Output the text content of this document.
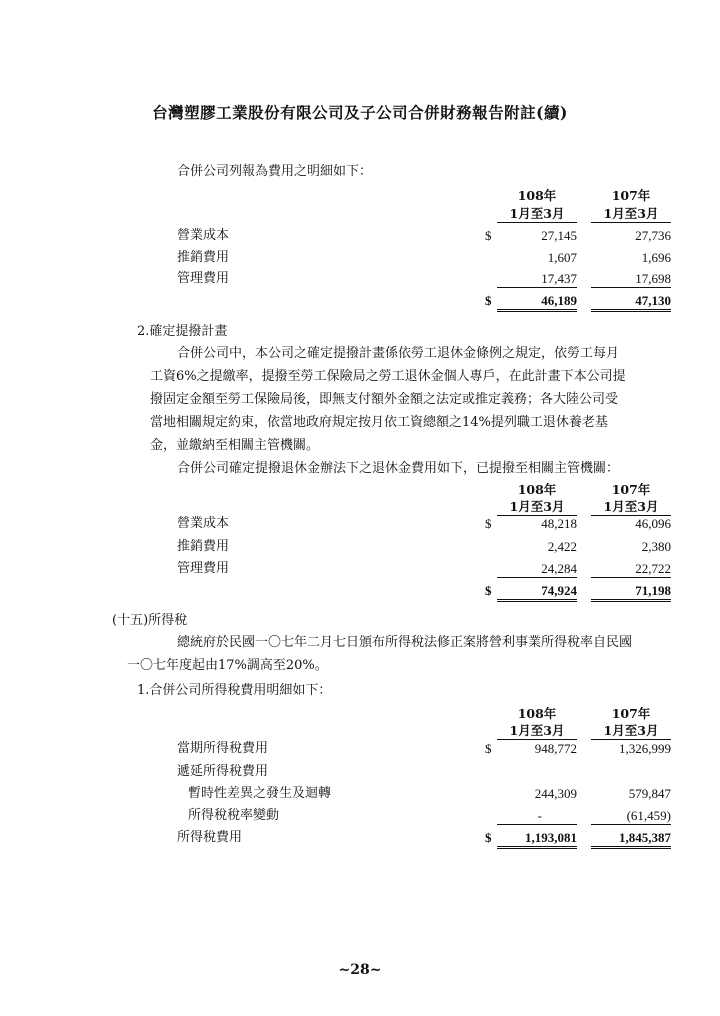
台灣塑膠工業股份有限公司及子公司合併財務報告附註(續)
合併公司列報為費用之明細如下：
108年
1月至3月
107年
1月至3月
營業成本	$	27,145	27,736
推銷費用	1,607	1,696
管理費用	17,437	17,698
$	46,189	47,130
2.確定提撥計畫
合併公司中，本公司之確定提撥計畫係依勞工退休金條例之規定，依勞工每月
工資6%之提繳率，提撥至勞工保險局之勞工退休金個人專戶，在此計畫下本公司提
撥固定金額至勞工保險局後，即無支付額外金額之法定或推定義務；各大陸公司受
當地相關規定約束，依當地政府規定按月依工資總額之14%提列職工退休養老基
金，並繳納至相關主管機關。
合併公司確定提撥退休金辦法下之退休金費用如下，已提撥至相關主管機關：
108年
1月至3月
107年
1月至3月
營業成本	$	48,218	46,096
推銷費用	2,422	2,380
管理費用	24,284	22,722
$	74,924	71,198
(十五)所得稅
總統府於民國一〇七年二月七日頒布所得稅法修正案將營利事業所得稅率自民國
一〇七年度起由17%調高至20%。
1.合併公司所得稅費用明細如下：
108年
1月至3月
107年
1月至3月
當期所得稅費用	$	948,772	1,326,999
遞延所得稅費用
暫時性差異之發生及迴轉	244,309	579,847
所得稅稅率變動	-	(61,459)
所得稅費用	$	1,193,081	1,845,387
~28~
